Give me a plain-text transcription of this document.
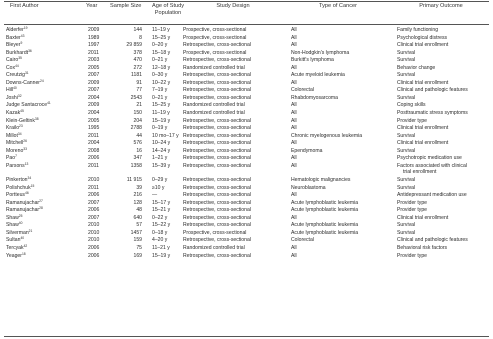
First Author	Year Sample Size Age of Study
Population
Study Design	Type of Cancer	Primary Outcome
Alderfer$^{19}$	2009	144 11–19 y	Prospective, cross-sectional	All	Family functioning
Baxter$^{43}$	1989	8 15–25 y	Prospective, cross-sectional	All	Psychological distress
Bleyer$^9$	1997	29 859 0–20 y	Retrospective, cross-sectional	All	Clinical trial enrollment
Burkhardt$^{36}$	2011	378 15–18 y	Prospective, cross-sectional	Non-Hodgkin's lymphoma	Survival
Cairo$^{35}$	2003	470 0–21 y	Retrospective, cross-sectional	Burkitt's lymphoma	Survival
Cox$^{44}$	2005	272 12–18 y	Randomized controlled trial	All	Behavior change
Creutzig$^{31}$	2007	1181 0–30 y	Retrospective, cross-sectional	Acute myeloid leukemia	Survival
Downs-Canner$^{24}$	2009	91 10–22 y	Retrospective, cross-sectional	All	Clinical trial enrollment
Hill$^{40}$	2007	77 7–19 y	Retrospective, cross-sectional	Colorectal	Clinical and pathologic features
Joshi$^{32}$	2004	2543 0–21 y	Retrospective, cross-sectional	Rhabdomyosarcoma	Survival
Judge Santacroce$^{41}$	2009	21 15–25 y	Randomized controlled trial	All	Coping skills
Kazak$^{45}$	2004	150 11–19 y	Randomized controlled trial	All	Posttraumatic stress symptoms
Klein-Geltink$^{38}$	2005	204 15–19 y	Retrospective, cross-sectional	All	Provider type
Krailo$^{23}$	1995	2788 0–19 y	Retrospective, cross-sectional	All	Clinical trial enrollment
Millot$^{34}$	2011	44 10 mo–17 y Retrospective, cross-sectional	Chronic myelogenous leukemia	Survival
Mitchell$^{26}$	2004	576 10–24 y	Retrospective, cross-sectional	All	Clinical trial enrollment
Moreno$^{33}$	2008	16 14–24 y	Retrospective, cross-sectional	Ependymoma	Survival
Pao$^7$	2006	347 1–21 y	Retrospective, cross-sectional	All	Psychotropic medication use
Parsons$^{13}$	2011	1358 15–39 y	Retrospective, cross-sectional	All	Factors associated with clinical
trial enrollment
Pinkerton$^{34}$	2010	11 915 0–29 y	Retrospective, cross-sectional	Hematologic malignancies	Survival
Polishchuk$^{15}$	2011	39 ≥10 y	Retrospective, cross-sectional	Neuroblastoma	Survival
Portteus$^{46}$	2006	216 —	Retrospective, cross-sectional	All	Antidepressant medication use
Ramanujachar$^{27}$	2007	128 15–17 y	Retrospective, cross-sectional	Acute lymphoblastic leukemia	Provider type
Ramanujachar$^{28}$	2006	48 15–21 y	Retrospective, cross-sectional	Acute lymphoblastic leukemia	Provider type
Shaw$^{25}$	2007	640 0–22 y	Retrospective, cross-sectional	All	Clinical trial enrollment
Shaw$^{40}$	2010	57 15–22 y	Retrospective, cross-sectional	Acute lymphoblastic leukemia	Survival
Silverman$^{21}$	2010	1457 0–18 y	Prospective, cross-sectional	Acute lymphoblastic leukemia	Survival
Sultan$^{40}$	2010	159 4–20 y	Retrospective, cross-sectional	Colorectal	Clinical and pathologic features
Tercyak$^{42}$	2006	75 11–21 y	Randomized controlled trial	All	Behavioral risk factors
Yeager$^{18}$	2006	169 15–19 y	Retrospective, cross-sectional	All	Provider type
